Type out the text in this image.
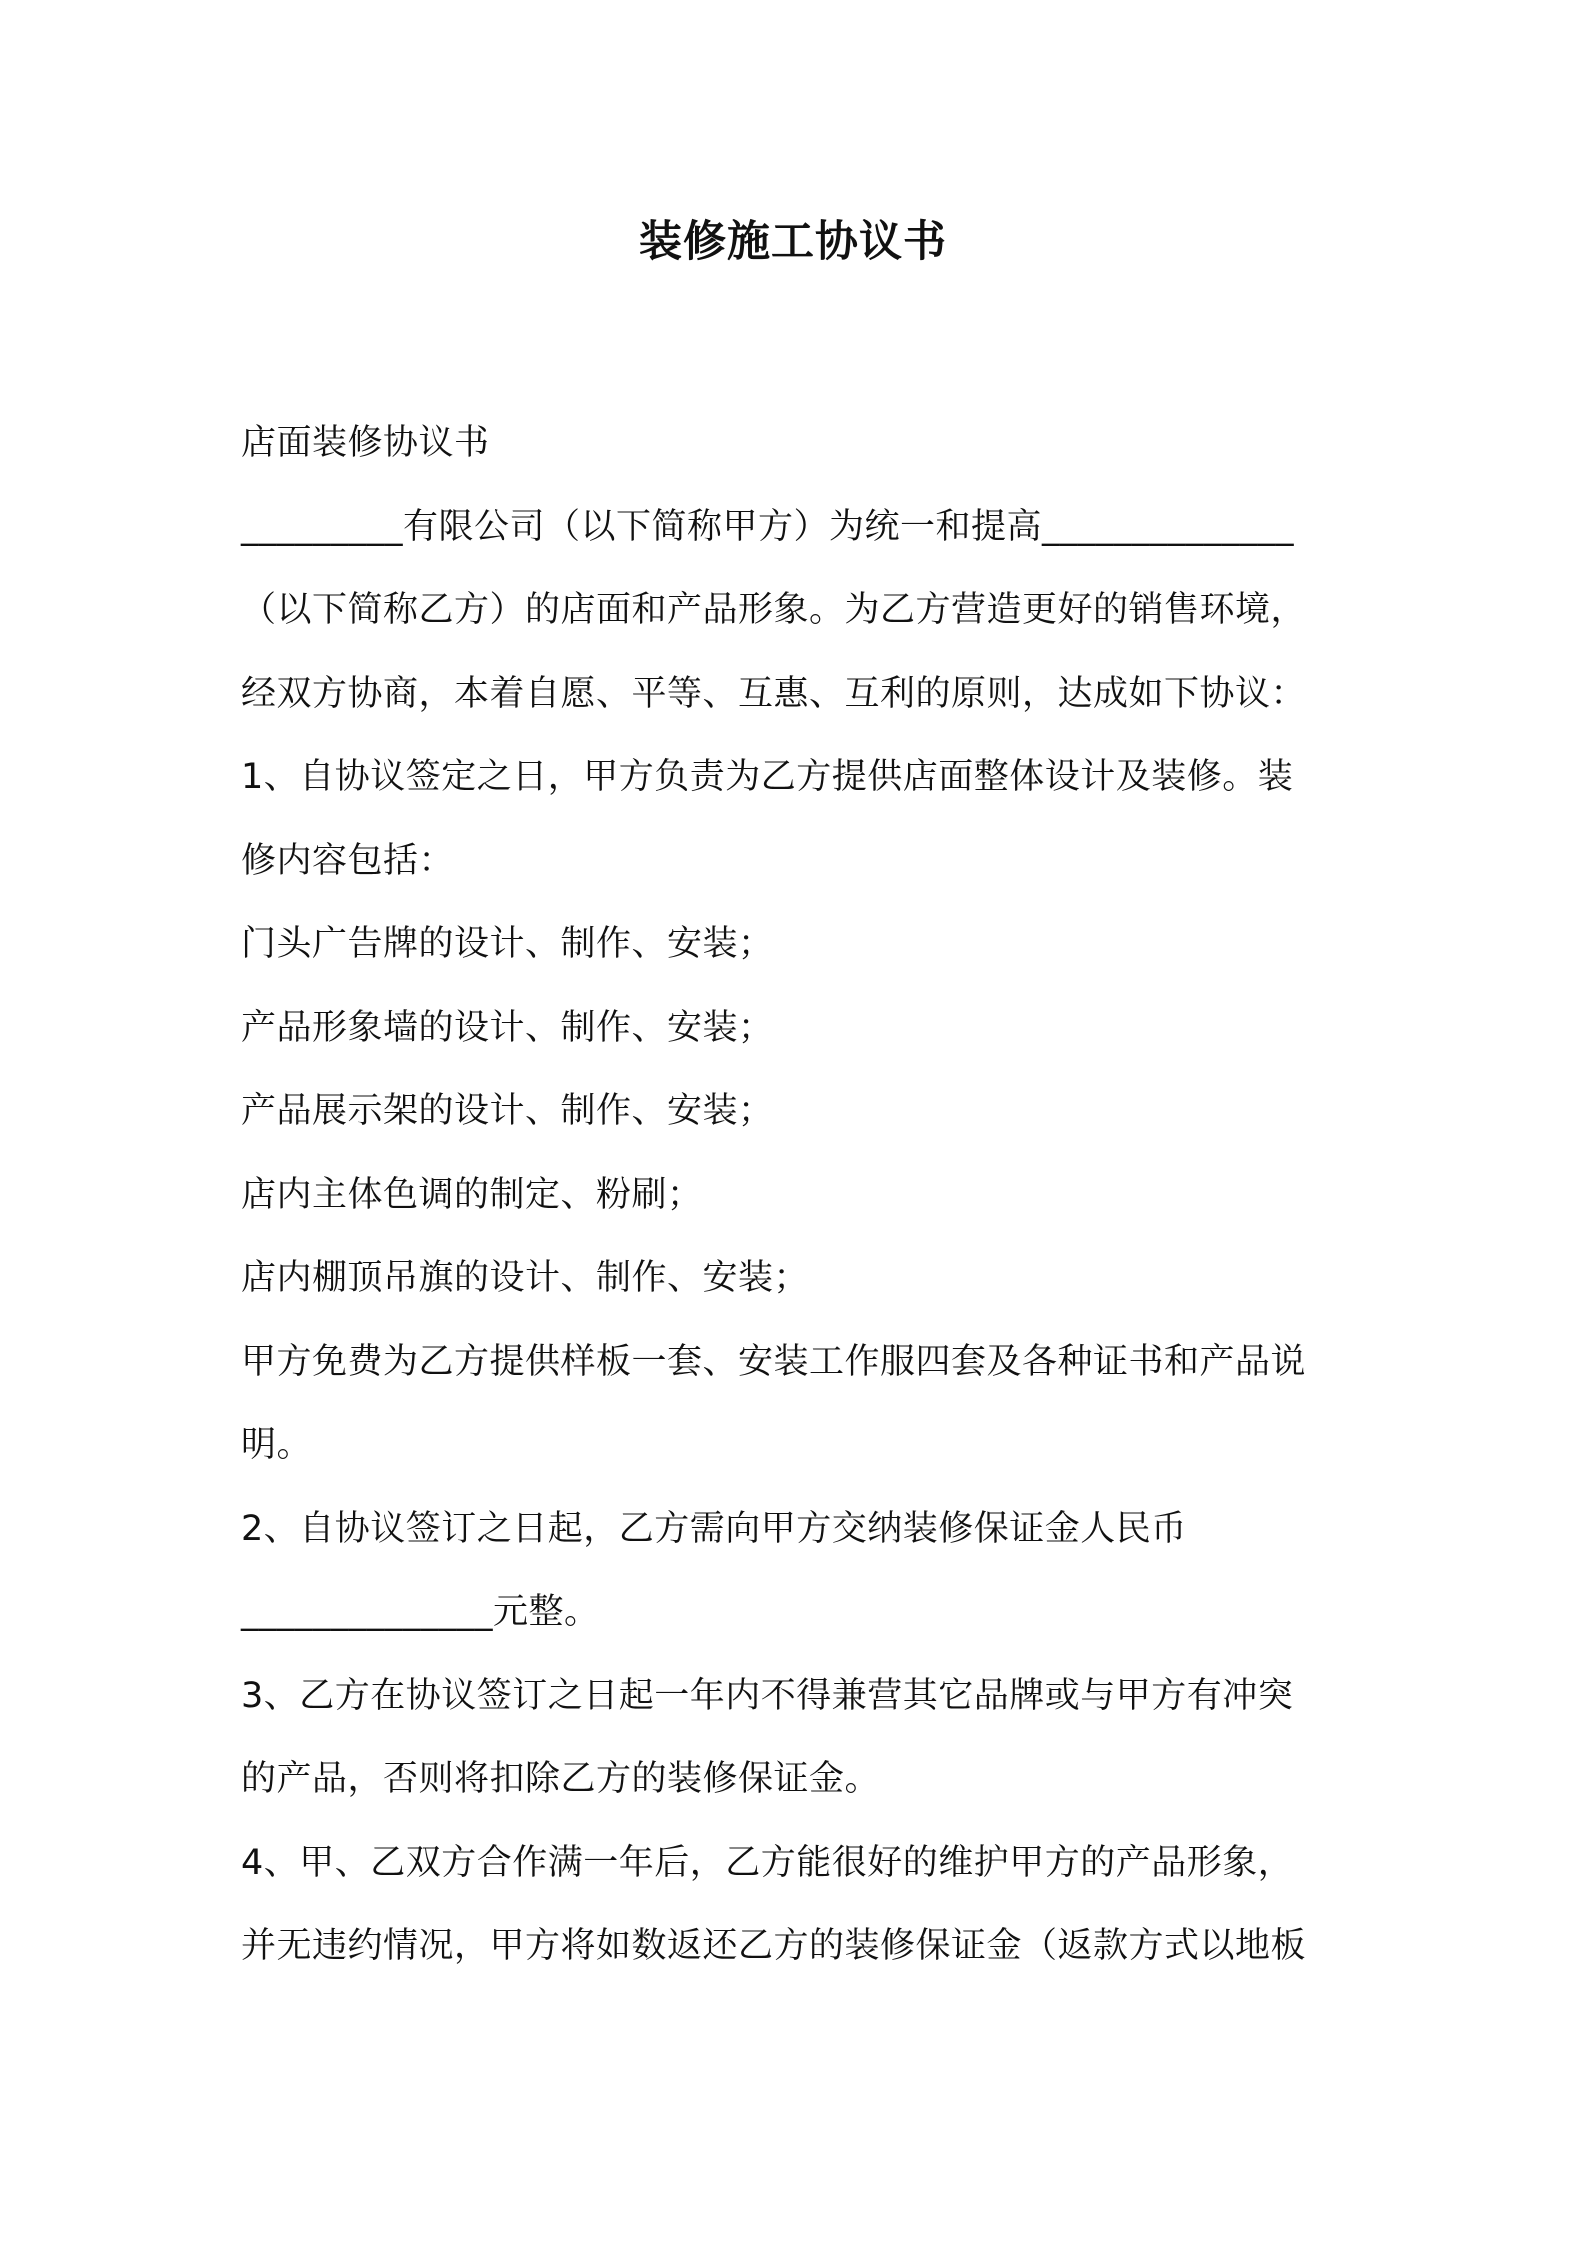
装修施工协议书
店面装修协议书
_________有限公司（以下简称甲方）为统一和提高______________
（以下简称乙方）的店面和产品形象。为乙方营造更好的销售环境，
经双方协商，本着自愿、平等、互惠、互利的原则，达成如下协议：
1、自协议签定之日，甲方负责为乙方提供店面整体设计及装修。装
修内容包括：
门头广告牌的设计、制作、安装；
产品形象墙的设计、制作、安装；
产品展示架的设计、制作、安装；
店内主体色调的制定、粉刷；
店内棚顶吊旗的设计、制作、安装；
甲方免费为乙方提供样板一套、安装工作服四套及各种证书和产品说
明。
2、自协议签订之日起，乙方需向甲方交纳装修保证金人民币
______________元整。
3、乙方在协议签订之日起一年内不得兼营其它品牌或与甲方有冲突
的产品，否则将扣除乙方的装修保证金。
4、甲、乙双方合作满一年后，乙方能很好的维护甲方的产品形象，
并无违约情况，甲方将如数返还乙方的装修保证金（返款方式以地板
